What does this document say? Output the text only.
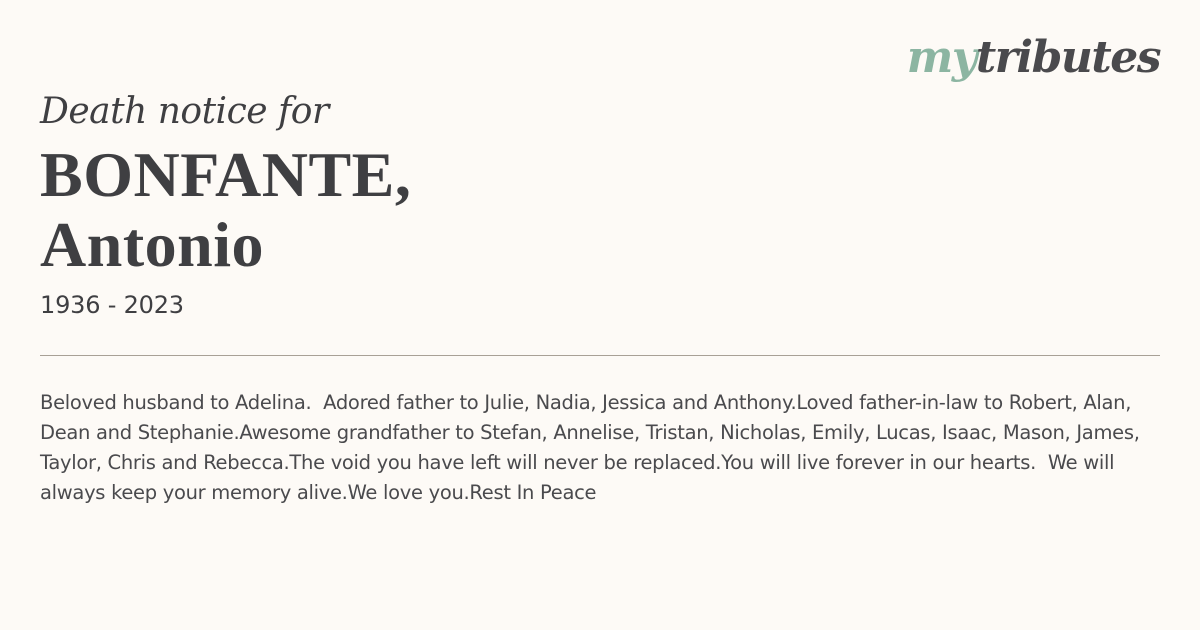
mytributes
Death notice for
BONFANTE,
Antonio
1936 - 2023
Beloved husband to Adelina.  Adored father to Julie, Nadia, Jessica and Anthony.Loved father-in-law to Robert, Alan, Dean and Stephanie.Awesome grandfather to Stefan, Annelise, Tristan, Nicholas, Emily, Lucas, Isaac, Mason, James, Taylor, Chris and Rebecca.The void you have left will never be replaced.You will live forever in our hearts.  We will always keep your memory alive.We love you.Rest In Peace
